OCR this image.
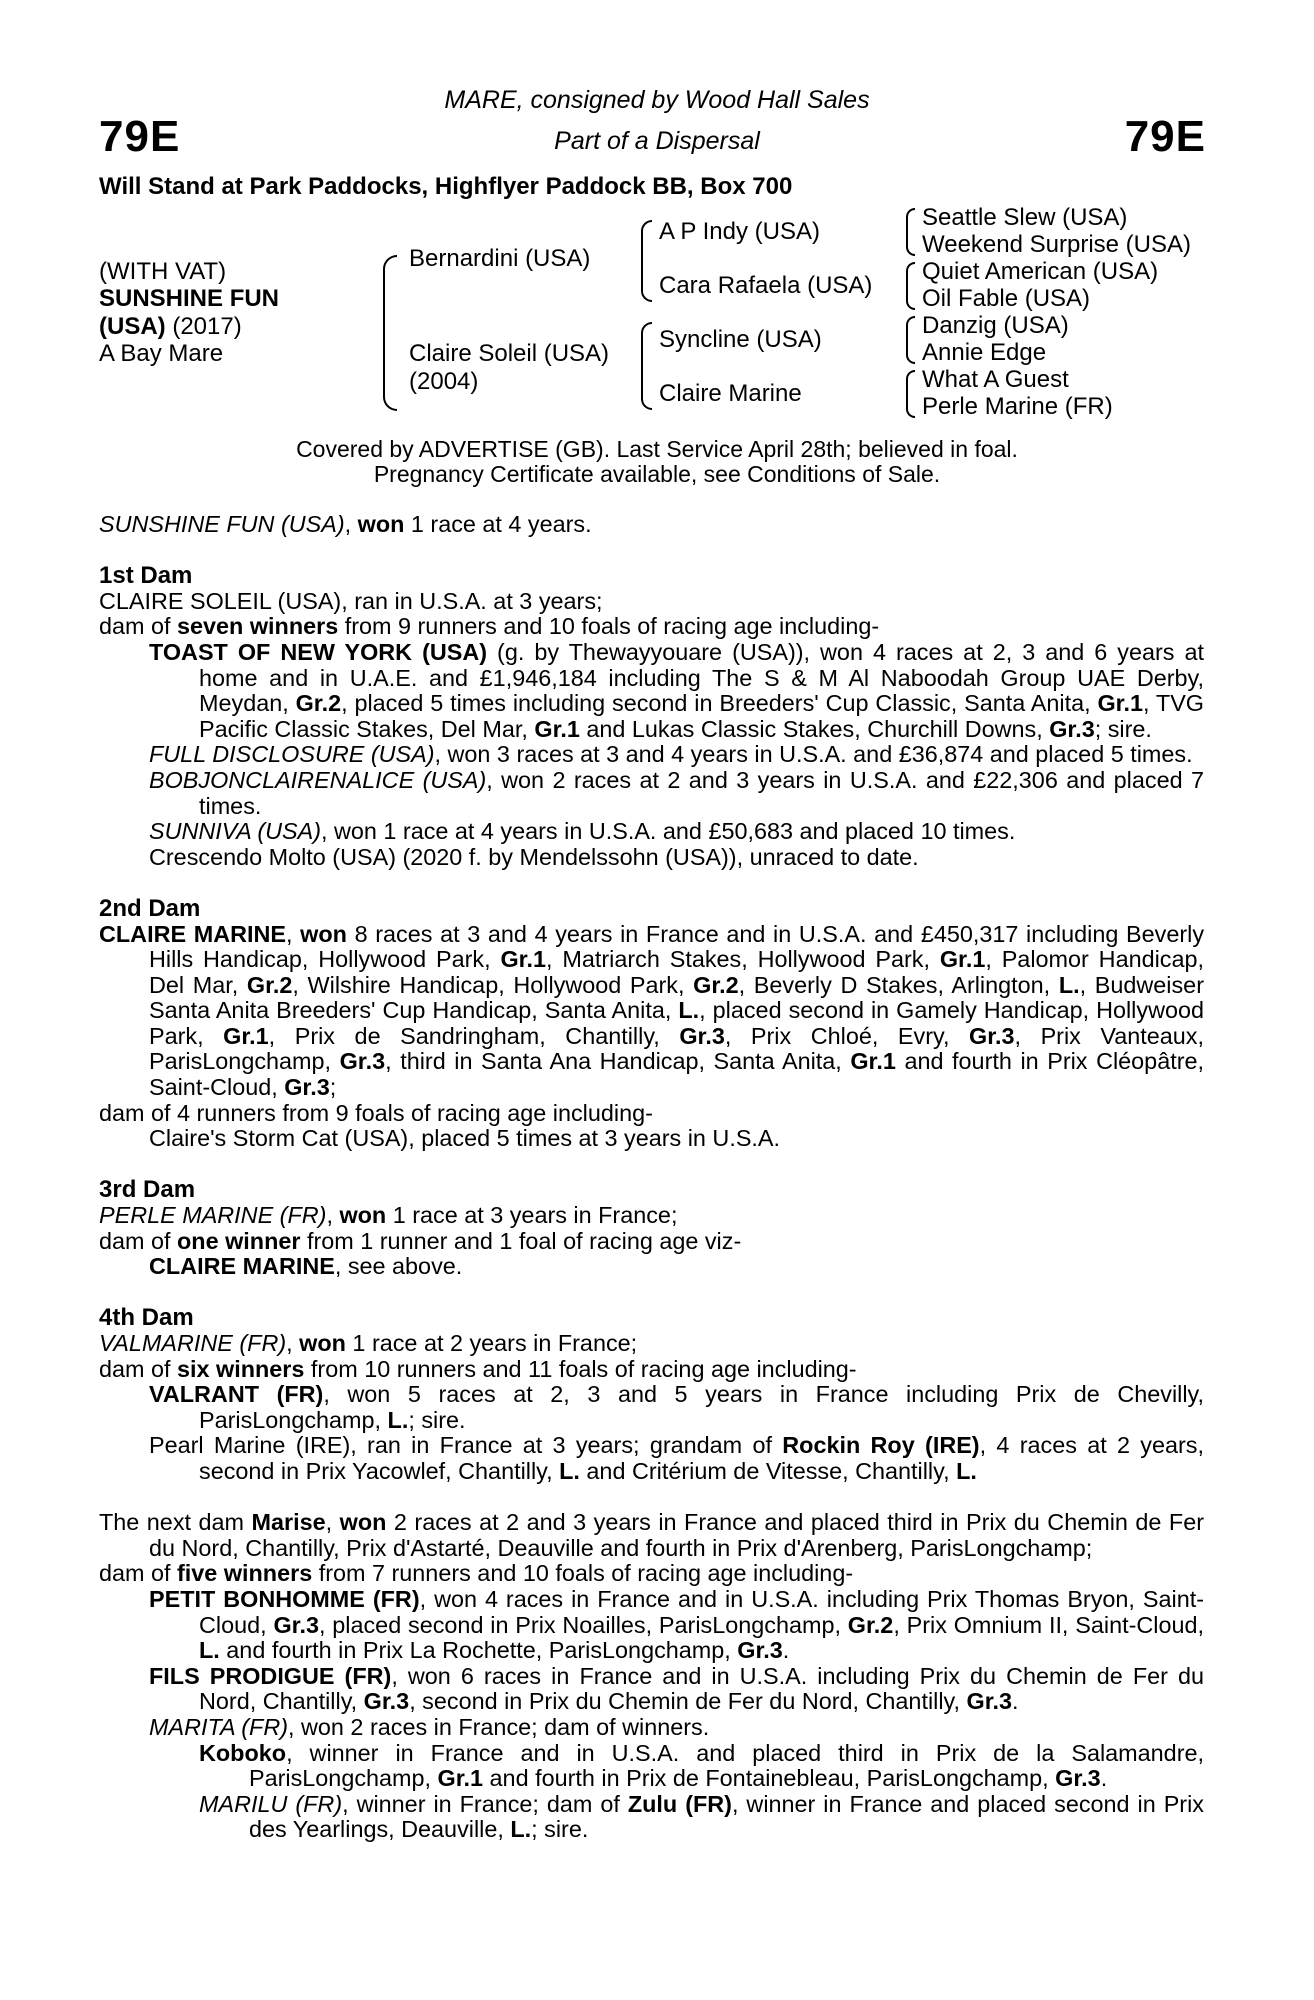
79E	79E
MARE, consigned by Wood Hall Sales
Part of a Dispersal
Will Stand at Park Paddocks, Highflyer Paddock BB, Box 700
(WITH VAT)
SUNSHINE FUN
(USA) (2017)
A Bay Mare
Bernardini (USA)
Claire Soleil (USA)
(2004)
A P Indy (USA)
Cara Rafaela (USA)
Syncline (USA)
Claire Marine
Seattle Slew (USA)
Weekend Surprise (USA)
Quiet American (USA)
Oil Fable (USA)
Danzig (USA)
Annie Edge
What A Guest
Perle Marine (FR)
Covered by ADVERTISE (GB). Last Service April 28th; believed in foal.
Pregnancy Certificate available, see Conditions of Sale.

SUNSHINE FUN (USA), won 1 race at 4 years.

1st Dam

CLAIRE SOLEIL (USA), ran in U.S.A. at 3 years;

dam of seven winners from 9 runners and 10 foals of racing age including-

TOAST OF NEW YORK (USA) (g. by Thewayyouare (USA)), won 4 races at 2, 3 and 6 years at home and in U.A.E. and £1,946,184 including The S & M Al Naboodah Group UAE Derby, Meydan, Gr.2, placed 5 times including second in Breeders' Cup Classic, Santa Anita, Gr.1, TVG Pacific Classic Stakes, Del Mar, Gr.1 and Lukas Classic Stakes, Churchill Downs, Gr.3; sire.

FULL DISCLOSURE (USA), won 3 races at 3 and 4 years in U.S.A. and £36,874 and placed 5 times.

BOBJONCLAIRENALICE (USA), won 2 races at 2 and 3 years in U.S.A. and £22,306 and placed 7 times.

SUNNIVA (USA), won 1 race at 4 years in U.S.A. and £50,683 and placed 10 times.

Crescendo Molto (USA) (2020 f. by Mendelssohn (USA)), unraced to date.

2nd Dam

CLAIRE MARINE, won 8 races at 3 and 4 years in France and in U.S.A. and £450,317 including Beverly Hills Handicap, Hollywood Park, Gr.1, Matriarch Stakes, Hollywood Park, Gr.1, Palomor Handicap, Del Mar, Gr.2, Wilshire Handicap, Hollywood Park, Gr.2, Beverly D Stakes, Arlington, L., Budweiser Santa Anita Breeders' Cup Handicap, Santa Anita, L., placed second in Gamely Handicap, Hollywood Park, Gr.1, Prix de Sandringham, Chantilly, Gr.3, Prix Chloé, Evry, Gr.3, Prix Vanteaux, ParisLongchamp, Gr.3, third in Santa Ana Handicap, Santa Anita, Gr.1 and fourth in Prix Cléopâtre, Saint-Cloud, Gr.3;

dam of 4 runners from 9 foals of racing age including-

Claire's Storm Cat (USA), placed 5 times at 3 years in U.S.A.

3rd Dam

PERLE MARINE (FR), won 1 race at 3 years in France;

dam of one winner from 1 runner and 1 foal of racing age viz-

CLAIRE MARINE, see above.

4th Dam

VALMARINE (FR), won 1 race at 2 years in France;

dam of six winners from 10 runners and 11 foals of racing age including-

VALRANT (FR), won 5 races at 2, 3 and 5 years in France including Prix de Chevilly, ParisLongchamp, L.; sire.

Pearl Marine (IRE), ran in France at 3 years; grandam of Rockin Roy (IRE), 4 races at 2 years, second in Prix Yacowlef, Chantilly, L. and Critérium de Vitesse, Chantilly, L.

The next dam Marise, won 2 races at 2 and 3 years in France and placed third in Prix du Chemin de Fer du Nord, Chantilly, Prix d'Astarté, Deauville and fourth in Prix d'Arenberg, ParisLongchamp;

dam of five winners from 7 runners and 10 foals of racing age including-

PETIT BONHOMME (FR), won 4 races in France and in U.S.A. including Prix Thomas Bryon, Saint-Cloud, Gr.3, placed second in Prix Noailles, ParisLongchamp, Gr.2, Prix Omnium II, Saint-Cloud, L. and fourth in Prix La Rochette, ParisLongchamp, Gr.3.

FILS PRODIGUE (FR), won 6 races in France and in U.S.A. including Prix du Chemin de Fer du Nord, Chantilly, Gr.3, second in Prix du Chemin de Fer du Nord, Chantilly, Gr.3.

MARITA (FR), won 2 races in France; dam of winners.

Koboko, winner in France and in U.S.A. and placed third in Prix de la Salamandre, ParisLongchamp, Gr.1 and fourth in Prix de Fontainebleau, ParisLongchamp, Gr.3.

MARILU (FR), winner in France; dam of Zulu (FR), winner in France and placed second in Prix des Yearlings, Deauville, L.; sire.
